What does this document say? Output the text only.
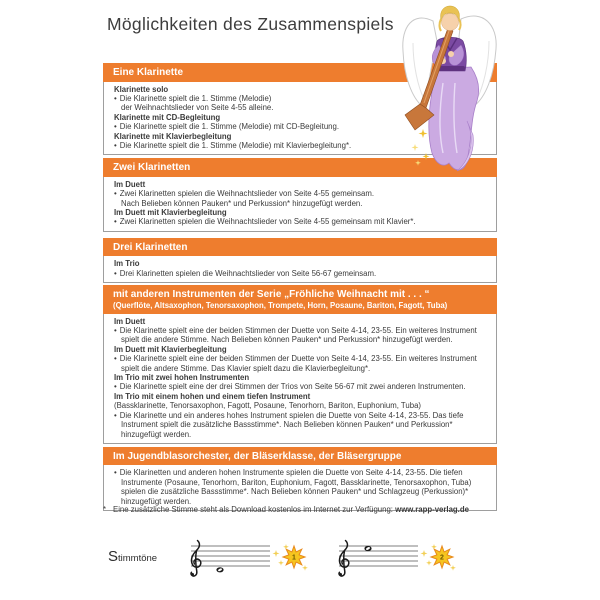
Möglichkeiten des Zusammenspiels
Eine Klarinette
Klarinette solo
• Die Klarinette spielt die 1. Stimme (Melodie)
der Weihnachtslieder von Seite 4-55 alleine.
Klarinette mit CD-Begleitung
• Die Klarinette spielt die 1. Stimme (Melodie) mit CD-Begleitung.
Klarinette mit Klavierbegleitung
• Die Klarinette spielt die 1. Stimme (Melodie) mit Klavierbegleitung*.
Zwei Klarinetten
Im Duett
• Zwei Klarinetten spielen die Weihnachtslieder von Seite 4-55 gemeinsam.
Nach Belieben können Pauken* und Perkussion* hinzugefügt werden.
Im Duett mit Klavierbegleitung
• Zwei Klarinetten spielen die Weihnachtslieder von Seite 4-55 gemeinsam mit Klavier*.
Drei Klarinetten
Im Trio
• Drei Klarinetten spielen die Weihnachtslieder von Seite 56-67 gemeinsam.
mit anderen Instrumenten der Serie „Fröhliche Weihnacht mit . . . “
(Querflöte, Altsaxophon, Tenorsaxophon, Trompete, Horn, Posaune, Bariton, Fagott, Tuba)
Im Duett
• Die Klarinette spielt eine der beiden Stimmen der Duette von Seite 4-14, 23-55. Ein weiteres Instrument spielt die andere Stimme. Nach Belieben können Pauken* und Perkussion* hinzugefügt werden.
Im Duett mit Klavierbegleitung
• Die Klarinette spielt eine der beiden Stimmen der Duette von Seite 4-14, 23-55. Ein weiteres Instrument spielt die andere Stimme. Das Klavier spielt dazu die Klavierbegleitung*.
Im Trio mit zwei hohen Instrumenten
• Die Klarinette spielt eine der drei Stimmen der Trios von Seite 56-67 mit zwei anderen Instrumenten.
Im Trio mit einem hohen und einem tiefen Instrument
(Bassklarinette, Tenorsaxophon, Fagott, Posaune, Tenorhorn, Bariton, Euphonium, Tuba)
• Die Klarinette und ein anderes hohes Instrument spielen die Duette von Seite 4-14, 23-55. Das tiefe Instrument spielt die zusätzliche Bassstimme*. Nach Belieben können Pauken* und Perkussion* hinzugefügt werden.
Im Jugendblasorchester, der Bläserklasse, der Bläsergruppe
• Die Klarinetten und anderen hohen Instrumente spielen die Duette von Seite 4-14, 23-55. Die tiefen Instrumente (Posaune, Tenorhorn, Bariton, Euphonium, Fagott, Bassklarinette, Tenorsaxophon, Tuba) spielen die zusätzliche Bassstimme*. Nach Belieben können Pauken* und Schlagzeug (Perkussion)* hinzugefügt werden.
* Eine zusätzliche Stimme steht als Download kostenlos im Internet zur Verfügung: www.rapp-verlag.de
Stimmtöne	1	2
